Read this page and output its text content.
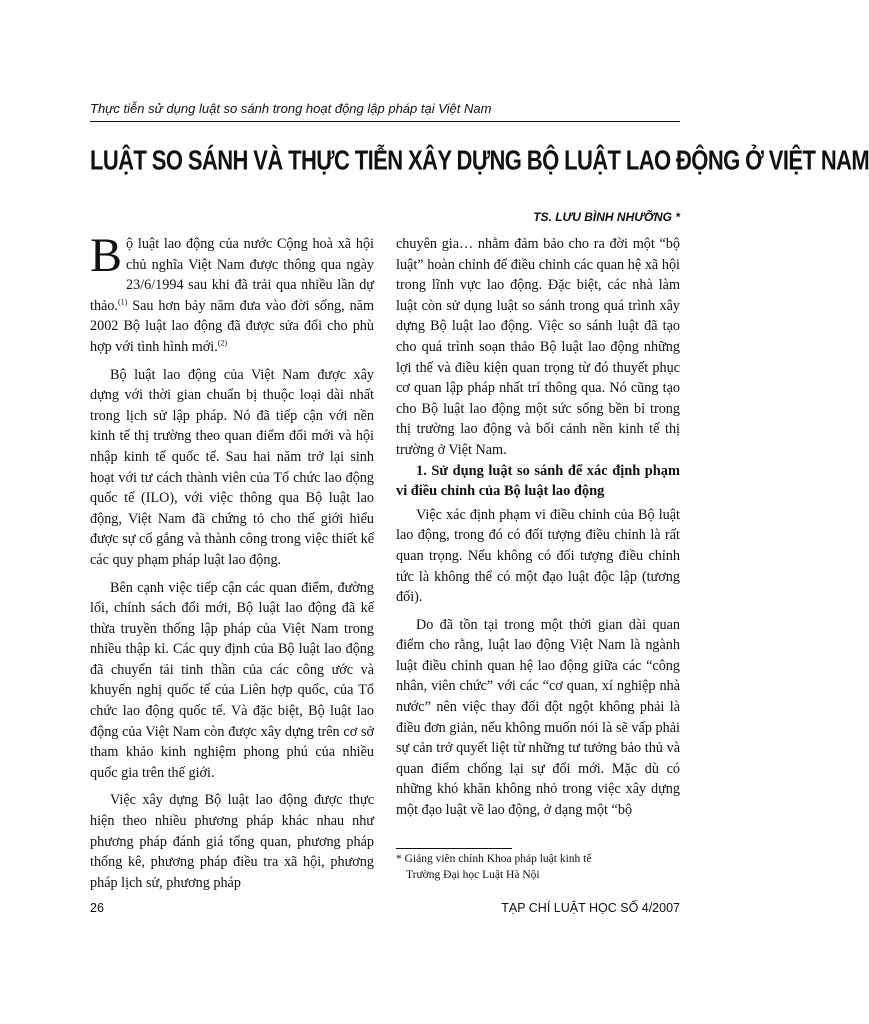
Thực tiễn sử dụng luật so sánh trong hoạt động lập pháp tại Việt Nam
LUẬT SO SÁNH VÀ THỰC TIỄN XÂY DỰNG BỘ LUẬT LAO ĐỘNG Ở VIỆT NAM
TS. LƯU BÌNH NHƯỠNG *

Bộ luật lao động của nước Cộng hoà xã hội chủ nghĩa Việt Nam được thông qua ngày 23/6/1994 sau khi đã trải qua nhiều lần dự thảo.$^{(1)}$ Sau hơn bảy năm đưa vào đời sống, năm 2002 Bộ luật lao động đã được sửa đổi cho phù hợp với tình hình mới.$^{(2)}$

Bộ luật lao động của Việt Nam được xây dựng với thời gian chuẩn bị thuộc loại dài nhất trong lịch sử lập pháp. Nó đã tiếp cận với nền kinh tế thị trường theo quan điểm đổi mới và hội nhập kinh tế quốc tế. Sau hai năm trở lại sinh hoạt với tư cách thành viên của Tổ chức lao động quốc tế (ILO), với việc thông qua Bộ luật lao động, Việt Nam đã chứng tỏ cho thế giới hiểu được sự cố gắng và thành công trong việc thiết kế các quy phạm pháp luật lao động.

Bên cạnh việc tiếp cận các quan điểm, đường lối, chính sách đổi mới, Bộ luật lao động đã kế thừa truyền thống lập pháp của Việt Nam trong nhiều thập kỉ. Các quy định của Bộ luật lao động đã chuyển tải tinh thần của các công ước và khuyến nghị quốc tế của Liên hợp quốc, của Tổ chức lao động quốc tế. Và đặc biệt, Bộ luật lao động của Việt Nam còn được xây dựng trên cơ sở tham khảo kinh nghiệm phong phú của nhiều quốc gia trên thế giới.

Việc xây dựng Bộ luật lao động được thực hiện theo nhiều phương pháp khác nhau như phương pháp đánh giá tổng quan, phương pháp thống kê, phương pháp điều tra xã hội, phương pháp lịch sử, phương pháp

chuyên gia… nhằm đảm bảo cho ra đời một “bộ luật” hoàn chỉnh để điều chỉnh các quan hệ xã hội trong lĩnh vực lao động. Đặc biệt, các nhà làm luật còn sử dụng luật so sánh trong quá trình xây dựng Bộ luật lao động. Việc so sánh luật đã tạo cho quá trình soạn thảo Bộ luật lao động những lợi thế và điều kiện quan trọng từ đó thuyết phục cơ quan lập pháp nhất trí thông qua. Nó cũng tạo cho Bộ luật lao động một sức sống bền bỉ trong thị trường lao động và bối cảnh nền kinh tế thị trường ở Việt Nam.

1. Sử dụng luật so sánh để xác định phạm vi điều chỉnh của Bộ luật lao động

Việc xác định phạm vi điều chỉnh của Bộ luật lao động, trong đó có đối tượng điều chỉnh là rất quan trọng. Nếu không có đối tượng điều chỉnh tức là không thể có một đạo luật độc lập (tương đối).

Do đã tồn tại trong một thời gian dài quan điểm cho rằng, luật lao động Việt Nam là ngành luật điều chỉnh quan hệ lao động giữa các “công nhân, viên chức” với các “cơ quan, xí nghiệp nhà nước” nên việc thay đổi đột ngột không phải là điều đơn giản, nếu không muốn nói là sẽ vấp phải sự cản trở quyết liệt từ những tư tưởng bảo thủ và quan điểm chống lại sự đổi mới. Mặc dù có những khó khăn không nhỏ trong việc xây dựng một đạo luật về lao động, ở dạng một “bộ

* Giảng viên chính Khoa pháp luật kinh tế
Trường Đại học Luật Hà Nội
26	TẠP CHÍ LUẬT HỌC SỐ 4/2007
